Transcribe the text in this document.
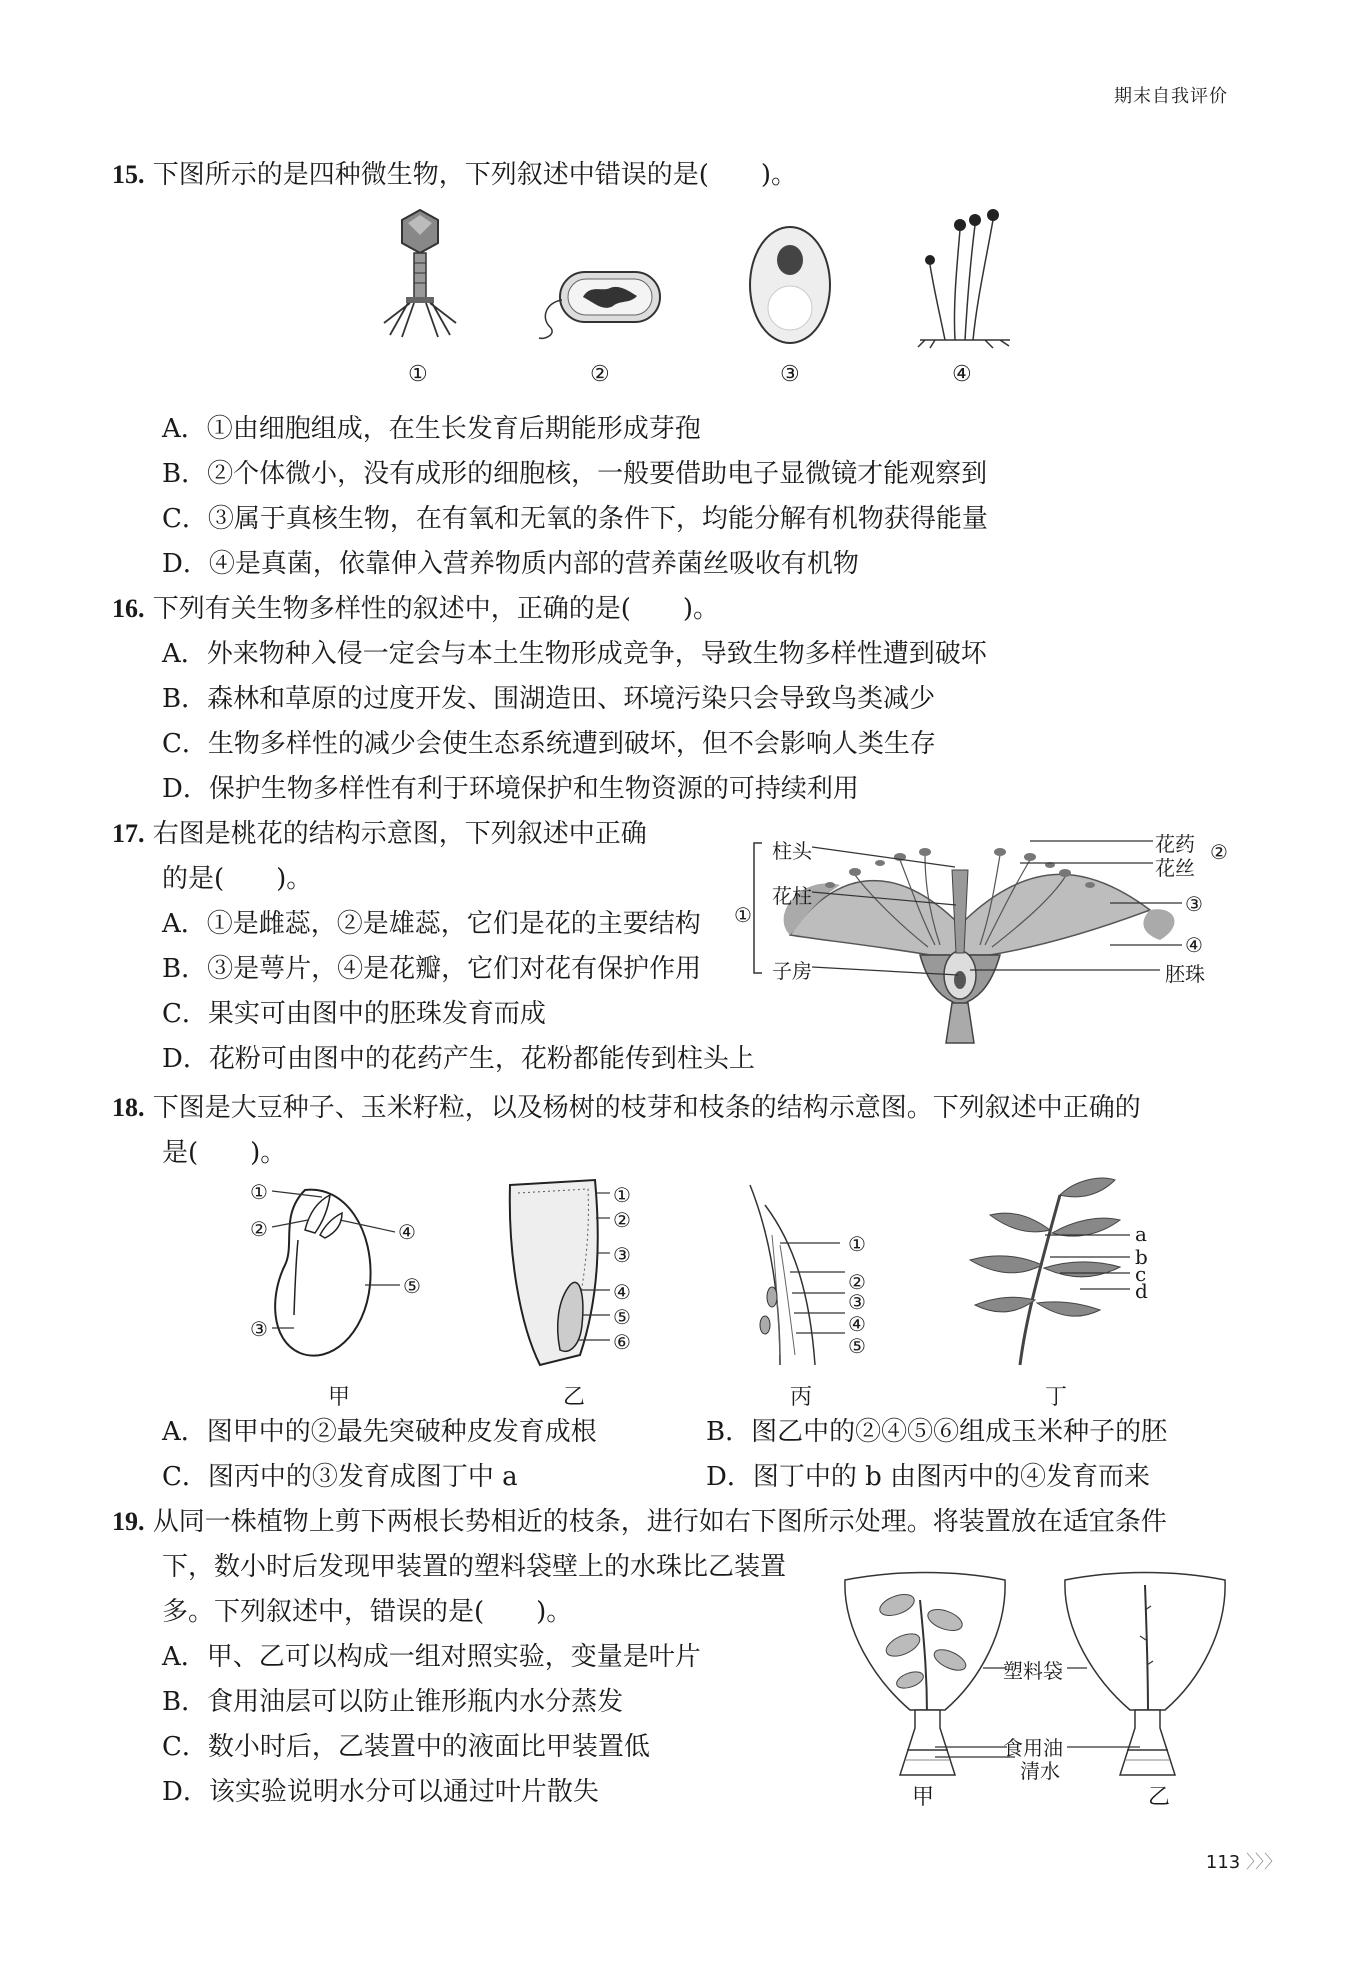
期末自我评价
15. 下图所示的是四种微生物，下列叙述中错误的是(　　)。
①	②	③	④
A．①由细胞组成，在生长发育后期能形成芽孢
B．②个体微小，没有成形的细胞核，一般要借助电子显微镜才能观察到
C．③属于真核生物，在有氧和无氧的条件下，均能分解有机物获得能量
D．④是真菌，依靠伸入营养物质内部的营养菌丝吸收有机物
16. 下列有关生物多样性的叙述中，正确的是(　　)。
A．外来物种入侵一定会与本土生物形成竞争，导致生物多样性遭到破坏
B．森林和草原的过度开发、围湖造田、环境污染只会导致鸟类减少
C．生物多样性的减少会使生态系统遭到破坏，但不会影响人类生存
D．保护生物多样性有利于环境保护和生物资源的可持续利用
17. 右图是桃花的结构示意图，下列叙述中正确
的是(　　)。
A．①是雌蕊，②是雄蕊，它们是花的主要结构
B．③是萼片，④是花瓣，它们对花有保护作用
C．果实可由图中的胚珠发育而成
D．花粉可由图中的花药产生，花粉都能传到柱头上
柱头
花柱
子房
①
花药
花丝
②
③
④
胚珠
18. 下图是大豆种子、玉米籽粒，以及杨树的枝芽和枝条的结构示意图。下列叙述中正确的
是(　　)。
①
②
③
④
⑤
甲
①
②
③
④
⑤
⑥
乙
①
②
③
④
⑤
丙
a
b
c
d
丁
A．图甲中的②最先突破种皮发育成根	B．图乙中的②④⑤⑥组成玉米种子的胚
C．图丙中的③发育成图丁中 a	D．图丁中的 b 由图丙中的④发育而来
19. 从同一株植物上剪下两根长势相近的枝条，进行如右下图所示处理。将装置放在适宜条件
下，数小时后发现甲装置的塑料袋壁上的水珠比乙装置
多。下列叙述中，错误的是(　　)。
A．甲、乙可以构成一组对照实验，变量是叶片
B．食用油层可以防止锥形瓶内水分蒸发
C．数小时后，乙装置中的液面比甲装置低
D．该实验说明水分可以通过叶片散失
塑料袋
食用油
清水
甲	乙
113 〉〉〉
